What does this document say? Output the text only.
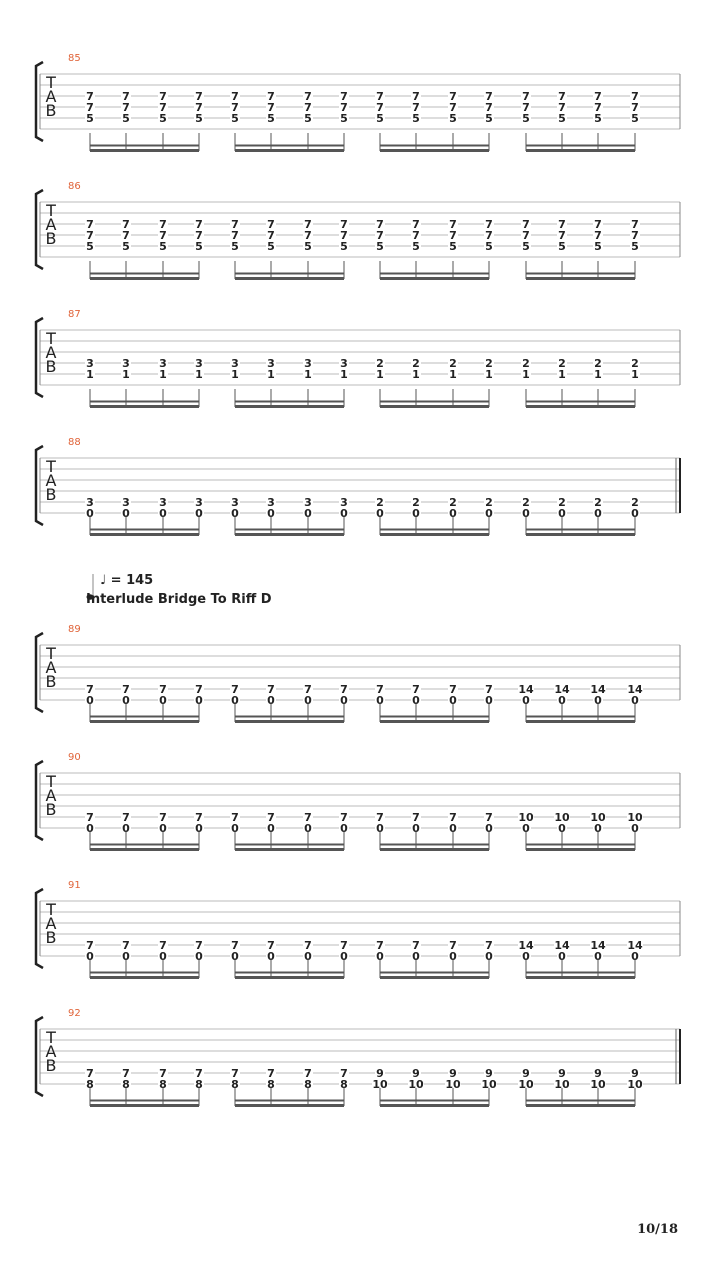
85
T
A
B
7	7	7	7	7	7	7	7	7	7	7	7	7	7	7	7
7	7	7	7	7	7	7	7	7	7	7	7	7	7	7	7
5	5	5	5	5	5	5	5	5	5	5	5	5	5	5	5
86
T
A
B
7	7	7	7	7	7	7	7	7	7	7	7	7	7	7	7
7	7	7	7	7	7	7	7	7	7	7	7	7	7	7	7
5	5	5	5	5	5	5	5	5	5	5	5	5	5	5	5
87
T
A
B	3	3	3	3	3	3	3	3	2	2	2	2	2	2	2	2
1	1	1	1	1	1	1	1	1	1	1	1	1	1	1	1
88
T
A
B	3	3	3	3	3	3	3	3	2	2	2	2	2	2	2	2
0	0	0	0	0	0	0	0	0	0	0	0	0	0	0	0
89
T
A
B	7	7	7	7	7	7	7	7	7	7	7	7 14 14 14 14
0	0	0	0	0	0	0	0	0	0	0	0	0	0	0	0
90
T
A
B	7	7	7	7	7	7	7	7	7	7	7	7 10 10 10 10
0	0	0	0	0	0	0	0	0	0	0	0	0	0	0	0
91
T
A
B	7	7	7	7	7	7	7	7	7	7	7	7 14 14 14 14
0	0	0	0	0	0	0	0	0	0	0	0	0	0	0	0
92
T
A
B	7	7	7	7	7	7	7	7	9	9	9	9	9	9	9	9
8	8	8	8	8	8	8	8 10 10 10 10 10 10 10 10
♩ = 145
Interlude Bridge To Riff D
10/18
